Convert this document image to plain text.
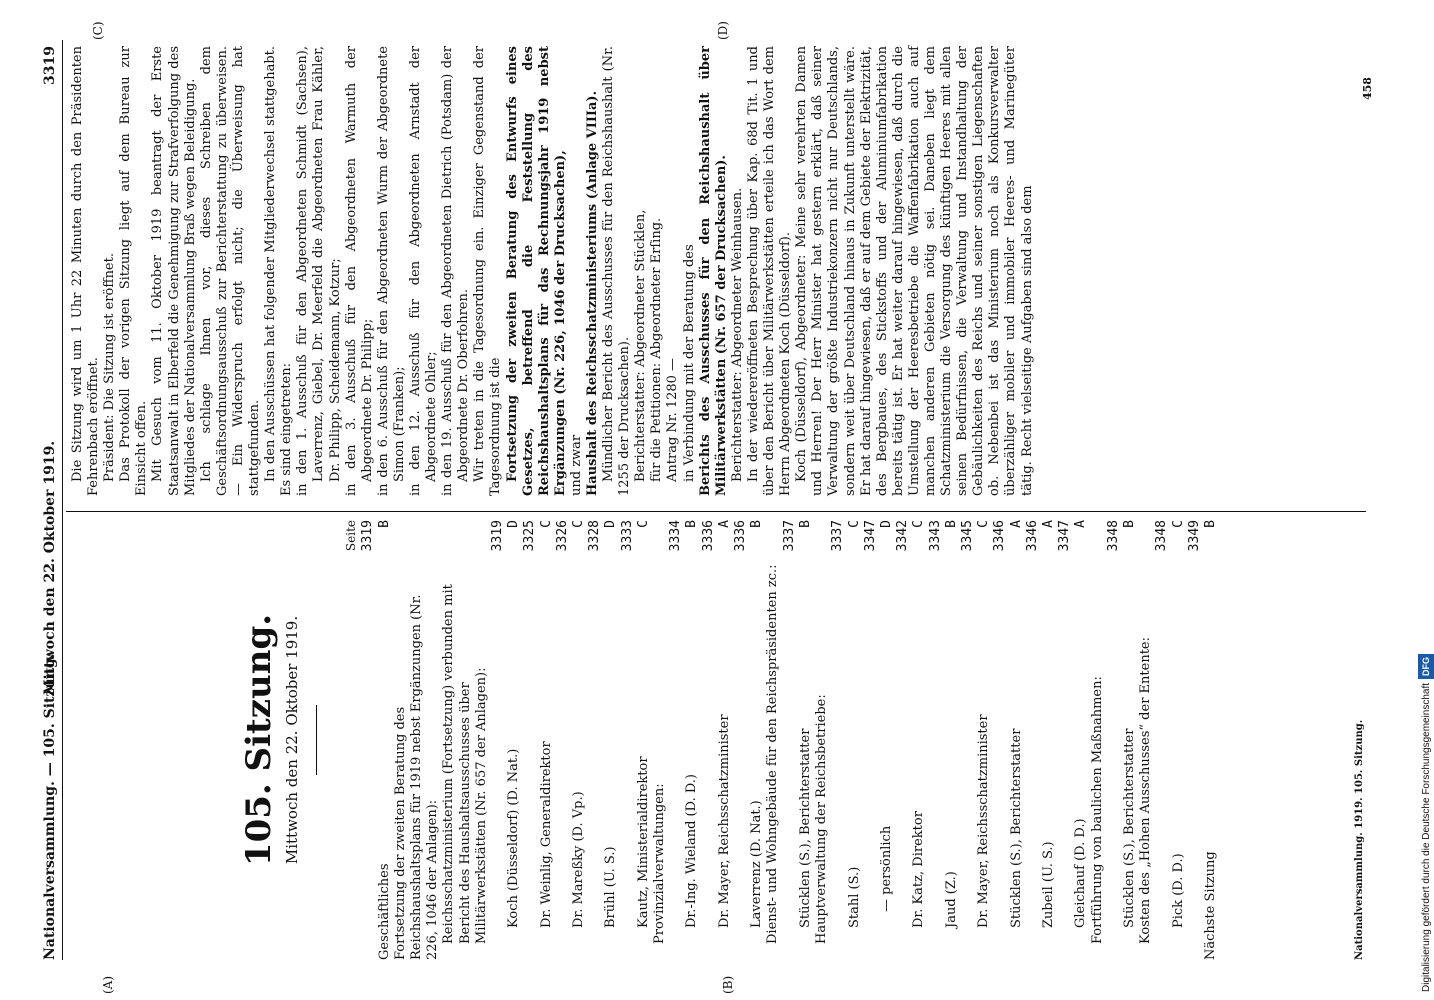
Nationalversammlung. — 105. Sitzung.
Mittwoch den 22. Oktober 1919.
3319
(A)	(B)
(C)	(D)
105. Sitzung. Mittwoch den 22. Oktober 1919.
Seite
Geschäftliches
3319 B
Fortsetzung der zweiten Beratung des Reichshaushaltsplans für 1919 nebst Ergänzungen (Nr. 226, 1046 der Anlagen): Reichsschatzministerium (Fortsetzung) verbunden mit Bericht des Haushaltsausschusses über Militärwerkstätten (Nr. 657 der Anlagen): Koch (Düsseldorf) (D. Nat.)
3319 D
Dr. Weinlig, Generaldirektor
3325 C
Dr. Mareßky (D. Vp.)
3326 C
Brühl (U. S.)
3328 D
Kautz, Ministerialdirektor
3333 C
Provinzialverwaltungen: Dr.-Ing. Wieland (D. D.)
3334 B
Dr. Mayer, Reichsschatzminister
3336 A
Laverrenz (D. Nat.)
3336 B
Dienst- und Wohngebäude für den Reichspräsidenten zc.: Stücklen (S.), Berichterstatter
3337 B
Hauptverwaltung der Reichsbetriebe: Stahl (S.)
3337 C
— persönlich
3347 D
Dr. Katz, Direktor
3342 C
Jaud (Z.)
3343 B
Dr. Mayer, Reichsschatzminister
3345 C
Stücklen (S.), Berichterstatter
3346 A
Zubeil (U. S.)
3346 A
Gleichauf (D. D.)
3347 A
Fortführung von baulichen Maßnahmen: Stücklen (S.), Berichterstatter
3348 B
Kosten des „Hohen Ausschusses“ der Entente: Pick (D. D.)
3348 C
Nächste Sitzung
3349 B
Nationalversammlung. 1919. 105. Sitzung.

Die Sitzung wird um 1 Uhr 22 Minuten durch den Präsidenten Fehrenbach eröffnet. Präsident: Die Sitzung ist eröffnet. Das Protokoll der vorigen Sitzung liegt auf dem Bureau zur Einsicht offen. Mit Gesuch vom 11. Oktober 1919 beantragt der Erste Staatsanwalt in Elberfeld die Genehmigung zur Strafverfolgung des Mitgliedes der Nationalversammlung Braß wegen Beleidigung. Ich schlage Ihnen vor, dieses Schreiben dem Geschäftsordnungsausschuß zur Berichterstattung zu überweisen. — Ein Widerspruch erfolgt nicht; die Überweisung hat stattgefunden. In den Ausschüssen hat folgender Mitgliederwechsel stattgehabt. Es sind eingetreten: in den 1. Ausschuß für den Abgeordneten Schmidt (Sachsen), Laverrenz, Giebel, Dr. Meerfeld die Abgeordneten Frau Kähler, Dr. Philipp, Scheidemann, Kotzur; in den 3. Ausschuß für den Abgeordneten Warmuth der Abgeordnete Dr. Philipp; in den 6. Ausschuß für den Abgeordneten Wurm der Abgeordnete Simon (Franken); in den 12. Ausschuß für den Abgeordneten Arnstadt der Abgeordnete Ohler; in den 19. Ausschuß für den Abgeordneten Dietrich (Potsdam) der Abgeordnete Dr. Oberfohren. Wir treten in die Tagesordnung ein. Einziger Gegenstand der Tagesordnung ist die Fortsetzung der zweiten Beratung des Entwurfs eines Gesetzes, betreffend die Feststellung des Reichshaushaltsplans für das Rechnungsjahr 1919 nebst Ergänzungen (Nr. 226, 1046 der Drucksachen), und zwar Haushalt des Reichsschatzministeriums (Anlage VIIIa). Mündlicher Bericht des Ausschusses für den Reichshaushalt (Nr. 1255 der Drucksachen). Berichterstatter: Abgeordneter Stücklen, für die Petitionen: Abgeordneter Erſing. Antrag Nr. 1280 — in Verbindung mit der Beratung des Berichts des Ausschusses für den Reichshaushalt über Militärwerkstätten (Nr. 657 der Drucksachen). Berichterstatter: Abgeordneter Weinhausen. In der wiedereröffneten Besprechung über Kap. 68d Tit. 1 und über den Bericht über Militärwerkstätten erteile ich das Wort dem Herrn Abgeordneten Koch (Düsseldorf). Koch (Düsseldorf), Abgeordneter: Meine sehr verehrten Damen und Herren! Der Herr Minister hat gestern erklärt, daß seiner Verwaltung der größte Industriekonzern nicht nur Deutschlands, sondern weit über Deutschland hinaus in Zukunft unterstellt wäre. Er hat darauf hingewiesen, daß er auf dem Gebiete der Elektrizität, des Bergbaues, des Stickstoffs und der Aluminiumfabrikation bereits tätig ist. Er hat weiter darauf hingewiesen, daß durch die Umstellung der Heeresbetriebe die Waffenfabrikation auch auf manchen anderen Gebieten nötig sei. Daneben liegt dem Schatzministerium die Versorgung des künftigen Heeres mit allen seinen Bedürfnissen, die Verwaltung und Instandhaltung der Gebäulichkeiten des Reichs und seiner sonstigen Liegenschaften ob. Nebenbei ist das Ministerium noch als Konkursverwalter überzähliger mobiler und immobiler Heeres- und Marinegüter tätig. Recht vielseitige Aufgaben sind also dem

458
Digitalisierung gefördert durch die Deutsche ForschungsgemeinschaftDFG
